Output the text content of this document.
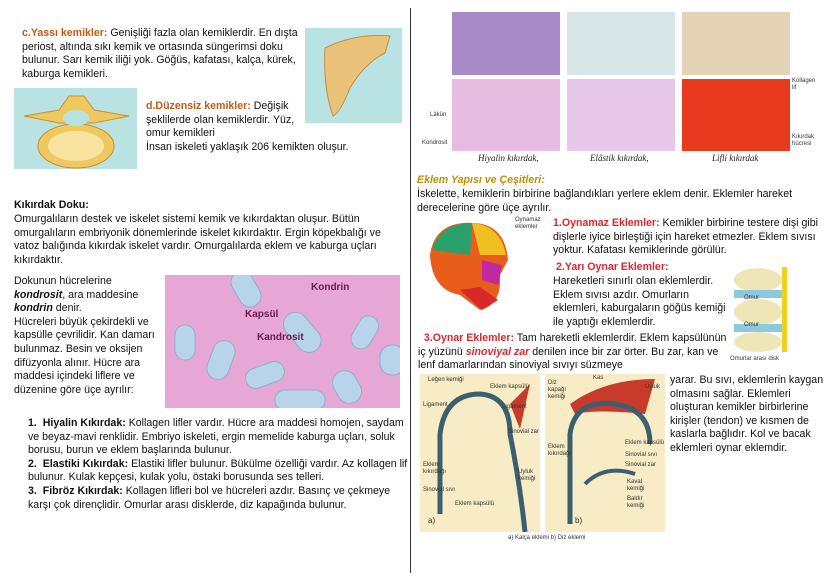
c.Yassı kemikler: Genişliği fazla olan kemiklerdir. En dışta periost, altında sıkı kemik ve ortasında süngerimsi doku bulunur. Sarı kemik iliği yok. Göğüs, kafatası, kalça, kürek, kaburga kemikleri.

d.Düzensiz kemikler: Değişik şeklilerde olan kemiklerdir. Yüz, omur kemikleri

İnsan iskeleti yaklaşık 206 kemikten oluşur.

Kıkırdak Doku:

Omurgalıların destek ve iskelet sistemi kemik ve kıkırdaktan oluşur. Bütün omurgalıların embriyonik dönemlerinde iskelet kıkırdaktır. Ergin köpekbalığı ve vatoz balığında kıkırdak iskelet vardır. Omurgalılarda eklem ve kaburga uçları kıkırdaktır.

Dokunun hücrelerine kondrosit, ara maddesine kondrin denir.
Hücreleri büyük çekirdekli ve kapsülle çevrilidir. Kan damarı bulunmaz. Besin ve oksijen difüzyonla alınır. Hücre ara maddesi içindeki liflere ve düzenine göre üçe ayrılır:

Kondrin
Kapsül
Kandrosit
1. Hiyalin Kıkırdak: Kollagen lifler vardır. Hücre ara maddesi homojen, saydam ve beyaz-mavi renklidir. Embriyo iskeleti, ergin memelide kaburga uçları, soluk borusu, burun ve eklem başlarında bulunur.
2. Elastiki Kıkırdak: Elastiki lifler bulunur. Bükülme özelliği vardır. Az kollagen lif bulunur. Kulak kepçesi, kulak yolu, östaki borusunda ses telleri.
3. Fibröz Kıkırdak: Kollagen lifleri bol ve hücreleri azdır. Basınç ve çekmeye karşı çok dirençlidir. Omurlar arası disklerde, diz kapağında bulunur.
Lâkün
Kondrosit
Kollagen lif
Kıkırdak hücresi
Hiyalin kıkırdak,	Elâstik kıkırdak,	Lifli kıkırdak

Eklem Yapısı ve Çeşitleri:

İskelette, kemiklerin birbirine bağlandıkları yerlere eklem denir. Eklemler hareket derecelerine göre üçe ayrılır.

Oynamaz eklemler	1.Oynamaz Eklemler: Kemikler birbirine testere dişi gibi dişlerle iyice birleştiği için hareket etmezler. Eklem sıvısı yoktur. Kafatası kemiklerinde görülür.

2.Yarı Oynar Eklemler:

Hareketleri sınırlı olan eklemlerdir. Eklem sıvısı azdır. Omurların eklemleri, kaburgaların göğüs kemiği ile yaptığı eklemlerdir.

Omur
Omur
Omurlar arası disk

3.Oynar Eklemler: Tam hareketli eklemlerdir. Eklem kapsülünün iç yüzünü sinoviyal zar denilen ince bir zar örter. Bu zar, kan ve lenf damarlarından sinoviyal sıvıyı süzmeye

Leğen kemiği
Eklem kapsülü
Ligament	Ligament
Sinovial zar
Eklem kıkırdağı	Uyluk kemiği
Sinovial sıvı
Eklem kapsülü
a)
Kas
Diz kapağı kemiği
Uyluk
Eklem kapsülü
Eklem kıkırdağı	Sinovial sıvı
Sinovial zar
Kaval kemiği
Baldır kemiği
b)
a) Kalça eklemi b) Diz eklemi

yarar. Bu sıvı, eklemlerin kaygan olmasını sağlar. Eklemleri oluşturan kemikler birbirlerine kirişler (tendon) ve kısmen de kaslarla bağlıdır. Kol ve bacak eklemleri oynar eklemdir.
